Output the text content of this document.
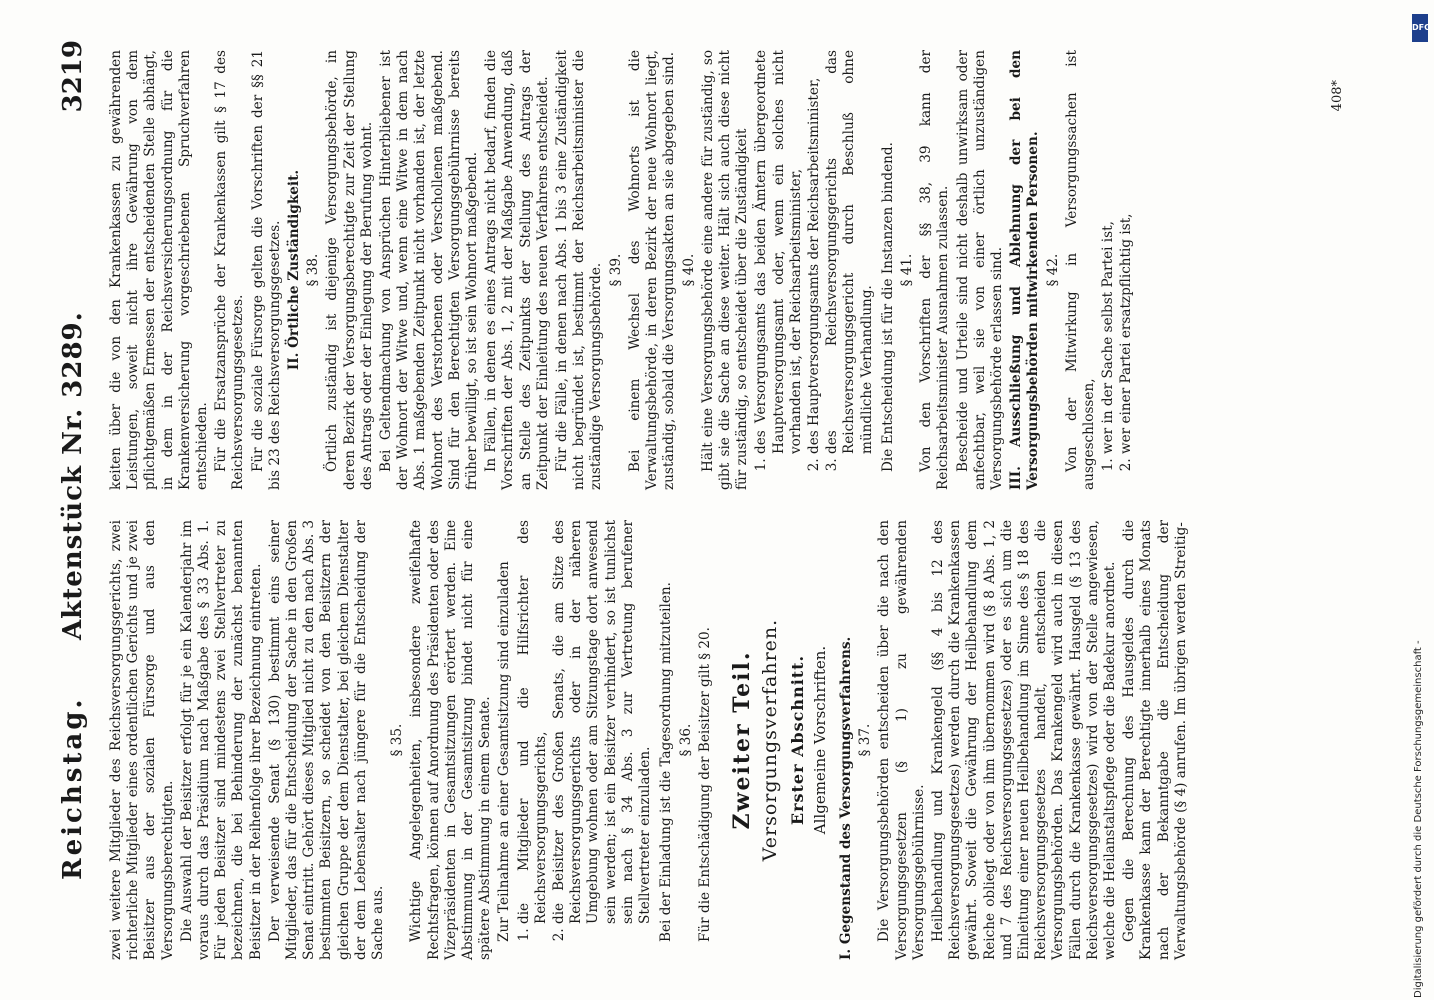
Reichstag.
Aktenstück Nr. 3289.
3219

zwei weitere Mitglieder des Reichsversorgungsgerichts, zwei richterliche Mitglieder eines ordentlichen Gerichts und je zwei Beisitzer aus der sozialen Fürsorge und aus den Versorgungsberechtigten. Die Auswahl der Beisitzer erfolgt für je ein Kalenderjahr im voraus durch das Präsidium nach Maßgabe des § 33 Abs. 1. Für jeden Beisitzer sind mindestens zwei Stellvertreter zu bezeichnen, die bei Behinderung der zunächst benannten Beisitzer in der Reihenfolge ihrer Bezeichnung eintreten. Der verweisende Senat (§ 130) bestimmt eins seiner Mitglieder, das für die Entscheidung der Sache in den Großen Senat eintritt. Gehört dieses Mitglied nicht zu den nach Abs. 3 bestimmten Beisitzern, so scheidet von den Beisitzern der gleichen Gruppe der dem Dienstalter, bei gleichem Dienstalter der dem Lebensalter nach jüngere für die Entscheidung der Sache aus.

§ 35. Wichtige Angelegenheiten, insbesondere zweifelhafte Rechtsfragen, können auf Anordnung des Präsidenten oder des Vizepräsidenten in Gesamtsitzungen erörtert werden. Eine Abstimmung in der Gesamtsitzung bindet nicht für eine spätere Abstimmung in einem Senate. Zur Teilnahme an einer Gesamtsitzung sind einzuladen 1. die Mitglieder und die Hilfsrichter des Reichsversorgungsgerichts, 2. die Beisitzer des Großen Senats, die am Sitze des Reichsversorgungsgerichts oder in der näheren Umgebung wohnen oder am Sitzungstage dort anwesend sein werden; ist ein Beisitzer verhindert, so ist tunlichst sein nach § 34 Abs. 3 zur Vertretung berufener Stellvertreter einzuladen. Bei der Einladung ist die Tagesordnung mitzuteilen. § 36. Für die Entschädigung der Beisitzer gilt § 20. Zweiter Teil. Versorgungsverfahren. Erster Abschnitt. Allgemeine Vorschriften. I. Gegenstand des Versorgungsverfahrens. § 37. Die Versorgungsbehörden entscheiden über die nach den Versorgungsgesetzen (§ 1) zu gewährenden Versorgungsgebührnisse. Heilbehandlung und Krankengeld (§§ 4 bis 12 des Reichsversorgungsgesetzes) werden durch die Krankenkassen gewährt. Soweit die Gewährung der Heilbehandlung dem Reiche obliegt oder von ihm übernommen wird (§ 8 Abs. 1, 2 und 7 des Reichsversorgungsgesetzes) oder es sich um die Einleitung einer neuen Heilbehandlung im Sinne des § 18 des Reichsversorgungsgesetzes handelt, entscheiden die Versorgungsbehörden. Das Krankengeld wird auch in diesen Fällen durch die Krankenkasse gewährt. Hausgeld (§ 13 des Reichsversorgungsgesetzes) wird von der Stelle angewiesen, welche die Heilanstaltspflege oder die Badekur anordnet. Gegen die Berechnung des Hausgeldes durch die Krankenkasse kann der Berechtigte innerhalb eines Monats nach der Bekanntgabe die Entscheidung der Verwaltungsbehörde (§ 4) anrufen. Im übrigen werden Streitig-

keiten über die von den Krankenkassen zu gewährenden Leistungen, soweit nicht ihre Gewährung von dem pflichtgemäßen Ermessen der entscheidenden Stelle abhängt, in dem in der Reichsversicherungsordnung für die Krankenversicherung vorgeschriebenen Spruchverfahren entschieden. Für die Ersatzansprüche der Krankenkassen gilt § 17 des Reichsversorgungsgesetzes. Für die soziale Fürsorge gelten die Vorschriften der §§ 21 bis 23 des Reichsversorgungsgesetzes. II. Örtliche Zuständigkeit. § 38. Örtlich zuständig ist diejenige Versorgungsbehörde, in deren Bezirk der Versorgungsberechtigte zur Zeit der Stellung des Antrags oder der Einlegung der Berufung wohnt. Bei Geltendmachung von Ansprüchen Hinterbliebener ist der Wohnort der Witwe und, wenn eine Witwe in dem nach Abs. 1 maßgebenden Zeitpunkt nicht vorhanden ist, der letzte Wohnort des Verstorbenen oder Verschollenen maßgebend. Sind für den Berechtigten Versorgungsgebührnisse bereits früher bewilligt, so ist sein Wohnort maßgebend. In Fällen, in denen es eines Antrags nicht bedarf, finden die Vorschriften der Abs. 1, 2 mit der Maßgabe Anwendung, daß an Stelle des Zeitpunkts der Stellung des Antrags der Zeitpunkt der Einleitung des neuen Verfahrens entscheidet. Für die Fälle, in denen nach Abs. 1 bis 3 eine Zuständigkeit nicht begründet ist, bestimmt der Reichsarbeitsminister die zuständige Versorgungsbehörde. § 39. Bei einem Wechsel des Wohnorts ist die Verwaltungsbehörde, in deren Bezirk der neue Wohnort liegt, zuständig, sobald die Versorgungsakten an sie abgegeben sind. § 40. Hält eine Versorgungsbehörde eine andere für zuständig, so gibt sie die Sache an diese weiter. Hält sich auch diese nicht für zuständig, so entscheidet über die Zuständigkeit 1. des Versorgungsamts das beiden Ämtern übergeordnete Hauptversorgungsamt oder, wenn ein solches nicht vorhanden ist, der Reichsarbeitsminister, 2. des Hauptversorgungsamts der Reichsarbeitsminister, 3. des Reichsversorgungsgerichts das Reichsversorgungsgericht durch Beschluß ohne mündliche Verhandlung. Die Entscheidung ist für die Instanzen bindend. § 41. Von den Vorschriften der §§ 38, 39 kann der Reichsarbeitsminister Ausnahmen zulassen. Bescheide und Urteile sind nicht deshalb unwirksam oder anfechtbar, weil sie von einer örtlich unzuständigen Versorgungsbehörde erlassen sind. III. Ausschließung und Ablehnung der bei den Versorgungsbehörden mitwirkenden Personen. § 42. Von der Mitwirkung in Versorgungssachen ist ausgeschlossen, 1. wer in der Sache selbst Partei ist, 2. wer einer Partei ersatzpflichtig ist,
408*
DFG
Digitalisierung gefördert durch die Deutsche Forschungsgemeinschaft -
